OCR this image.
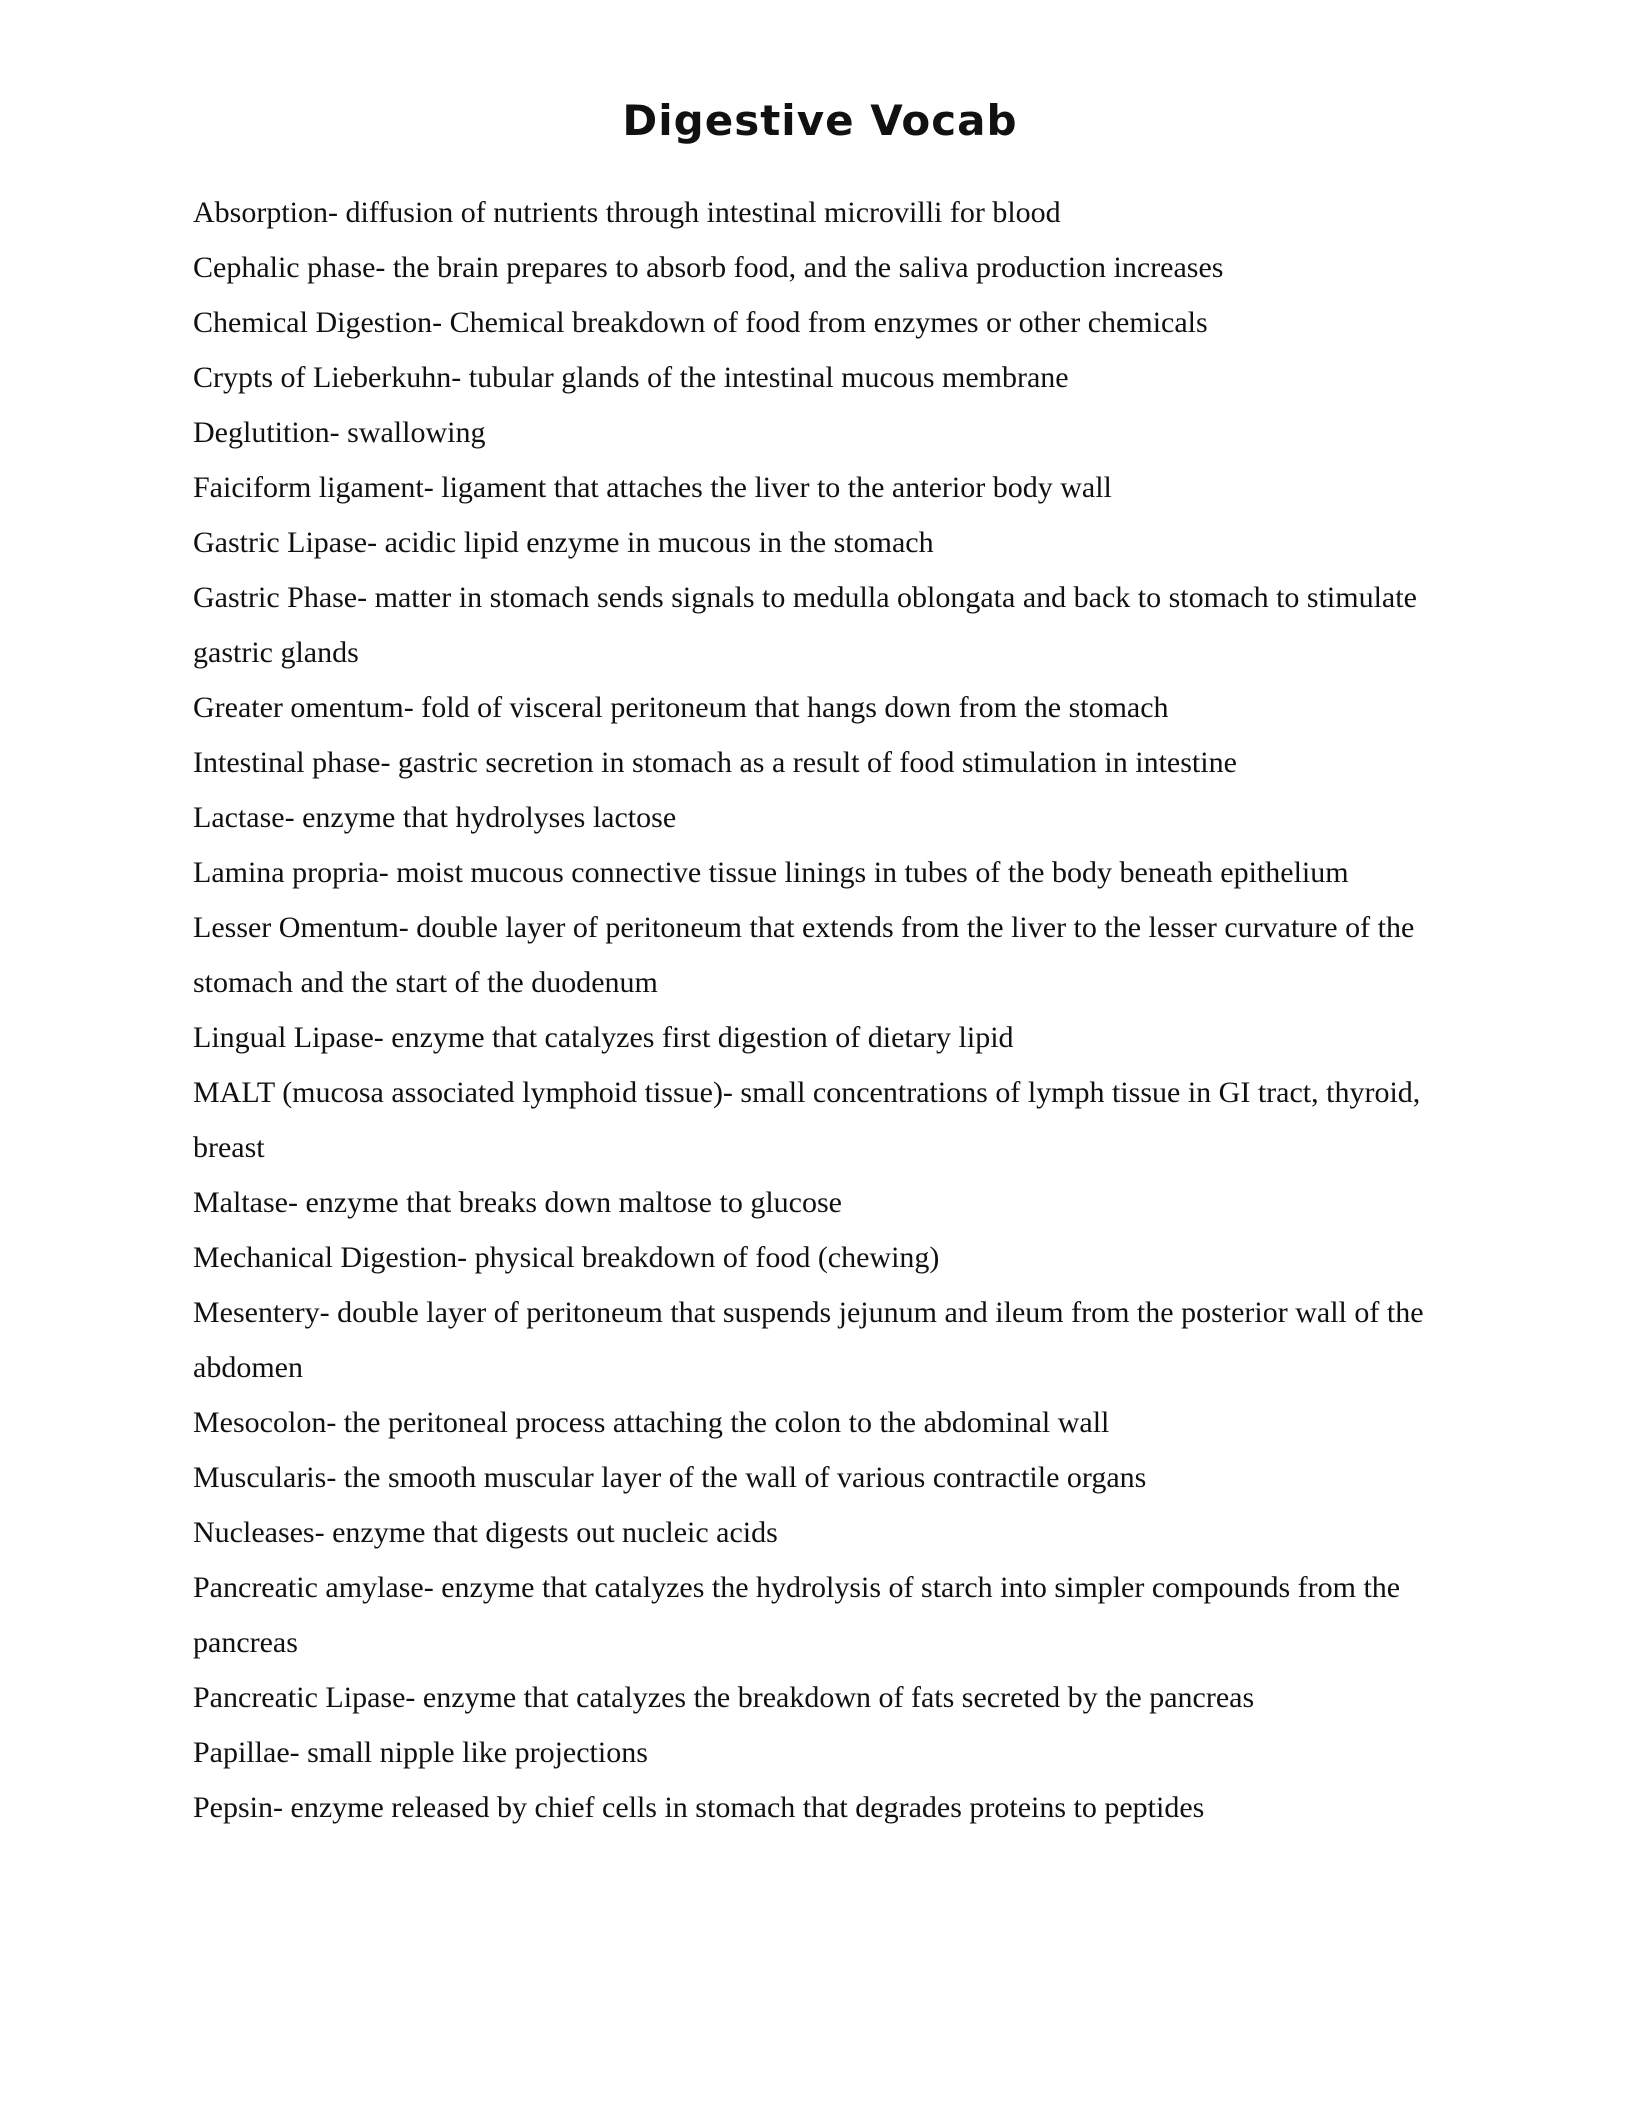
Digestive Vocab
Absorption- diffusion of nutrients through intestinal microvilli for blood
Cephalic phase- the brain prepares to absorb food, and the saliva production increases
Chemical Digestion- Chemical breakdown of food from enzymes or other chemicals
Crypts of Lieberkuhn- tubular glands of the intestinal mucous membrane
Deglutition- swallowing
Faiciform ligament- ligament that attaches the liver to the anterior body wall
Gastric Lipase- acidic lipid enzyme in mucous in the stomach
Gastric Phase- matter in stomach sends signals to medulla oblongata and back to stomach to stimulate gastric glands
Greater omentum- fold of visceral peritoneum that hangs down from the stomach
Intestinal phase- gastric secretion in stomach as a result of food stimulation in intestine
Lactase- enzyme that hydrolyses lactose
Lamina propria- moist mucous connective tissue linings in tubes of the body beneath epithelium
Lesser Omentum- double layer of peritoneum that extends from the liver to the lesser curvature of the stomach and the start of the duodenum
Lingual Lipase- enzyme that catalyzes first digestion of dietary lipid
MALT (mucosa associated lymphoid tissue)- small concentrations of lymph tissue in GI tract, thyroid, breast
Maltase- enzyme that breaks down maltose to glucose
Mechanical Digestion- physical breakdown of food (chewing)
Mesentery- double layer of peritoneum that suspends jejunum and ileum from the posterior wall of the abdomen
Mesocolon- the peritoneal process attaching the colon to the abdominal wall
Muscularis- the smooth muscular layer of the wall of various contractile organs
Nucleases- enzyme that digests out nucleic acids
Pancreatic amylase- enzyme that catalyzes the hydrolysis of starch into simpler compounds from the pancreas
Pancreatic Lipase- enzyme that catalyzes the breakdown of fats secreted by the pancreas
Papillae- small nipple like projections
Pepsin- enzyme released by chief cells in stomach that degrades proteins to peptides
